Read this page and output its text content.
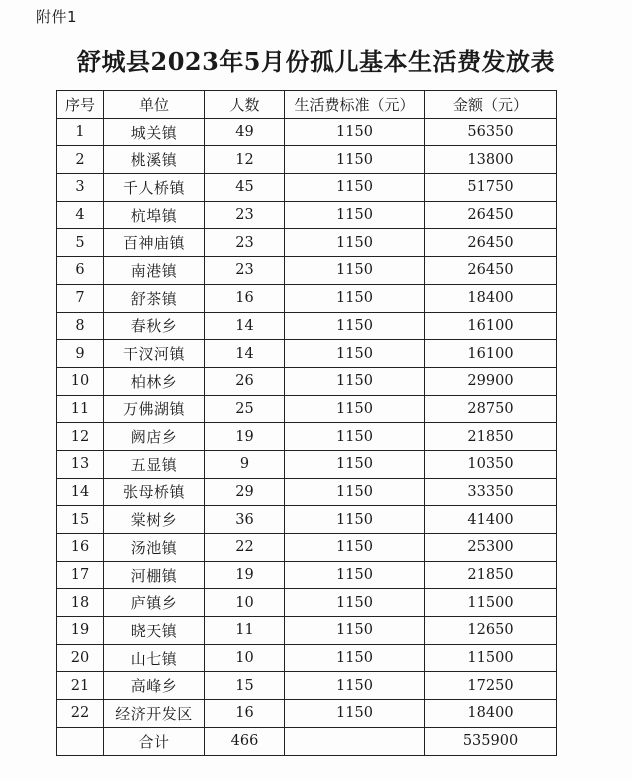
附件1
舒城县2023年5月份孤儿基本生活费发放表
序号	单位	人数	生活费标准（元）	金额（元）
1	城关镇	49	1150	56350
2	桃溪镇	12	1150	13800
3	千人桥镇	45	1150	51750
4	杭埠镇	23	1150	26450
5	百神庙镇	23	1150	26450
6	南港镇	23	1150	26450
7	舒茶镇	16	1150	18400
8	春秋乡	14	1150	16100
9	干汊河镇	14	1150	16100
10	柏林乡	26	1150	29900
11	万佛湖镇	25	1150	28750
12	阙店乡	19	1150	21850
13	五显镇	9	1150	10350
14	张母桥镇	29	1150	33350
15	棠树乡	36	1150	41400
16	汤池镇	22	1150	25300
17	河棚镇	19	1150	21850
18	庐镇乡	10	1150	11500
19	晓天镇	11	1150	12650
20	山七镇	10	1150	11500
21	高峰乡	15	1150	17250
22	经济开发区	16	1150	18400
	合计	466		535900
